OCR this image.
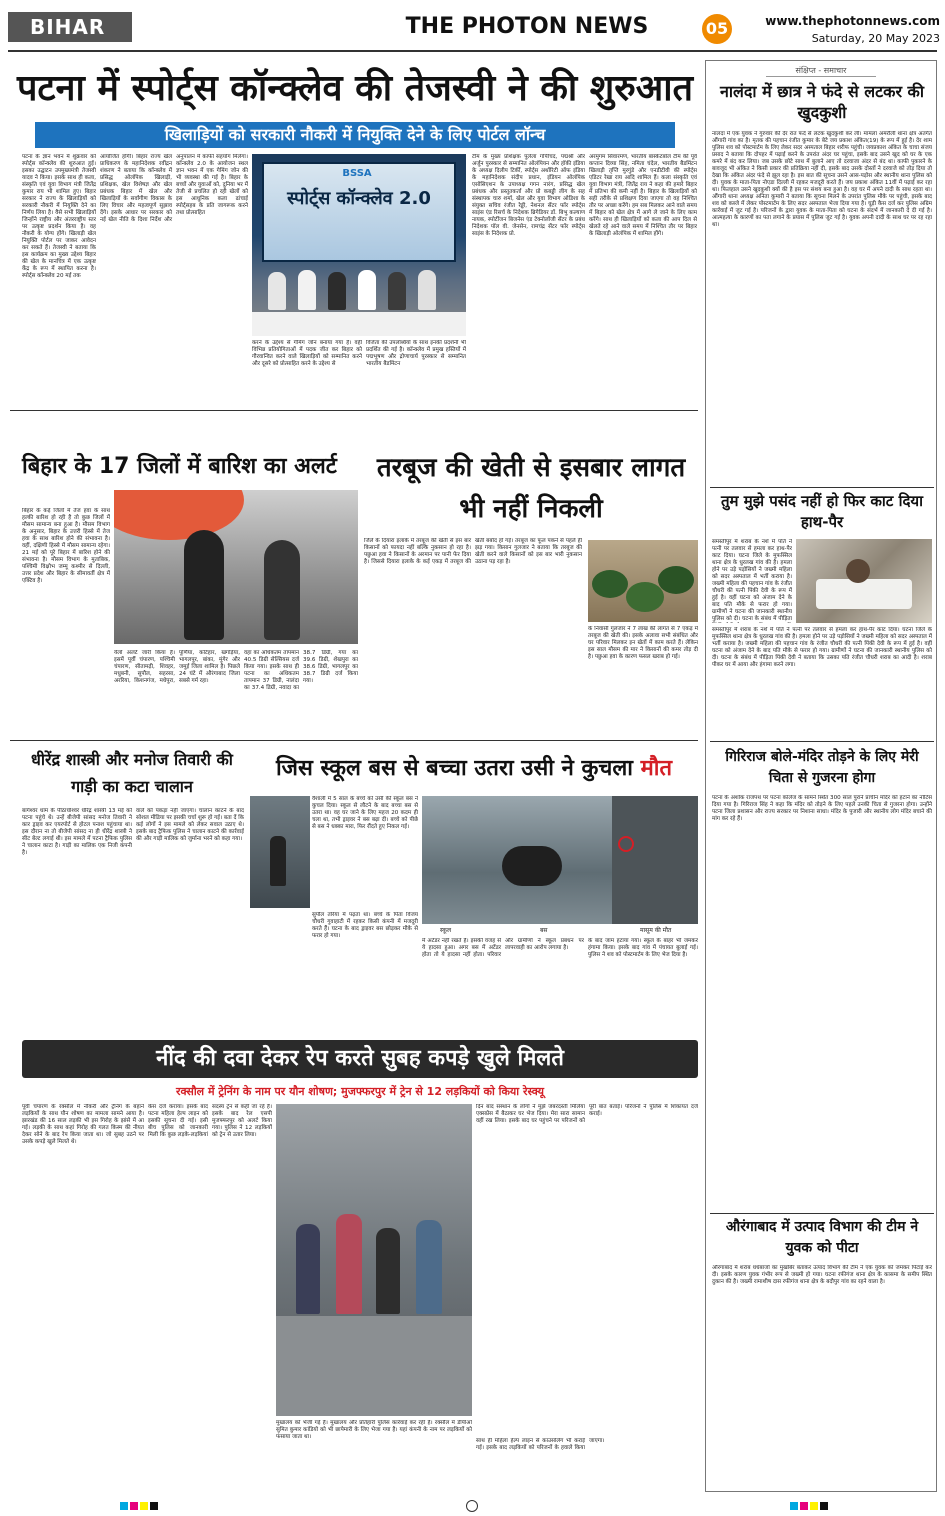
BIHAR	THE PHOTON NEWS	05	www.thephotonnews.com
Saturday, 20 May 2023
पटना में स्पोर्ट्स कॉन्क्लेव की तेजस्वी ने की शुरुआत
खिलाड़ियों को सरकारी नौकरी में नियुक्ति देने के लिए पोर्टल लॉन्च
पटना के ज्ञान भवन में शुक्रवार को स्पोर्ट्स कॉन्क्लेव की शुरुआत हुई। इसका उद्घाटन उपमुख्यमंत्री तेजस्वी यादव ने किया। इसके साथ ही कला, संस्कृति एवं युवा विभाग मंत्री जितेंद्र कुमार राय भी शामिल हुए। बिहार सरकार ने राज्य के खिलाड़ियों को सरकारी नौकरी में नियुक्ति देने का निर्णय लिया है। वैसे सभी खिलाड़ियों जिन्होंने राष्ट्रीय और अंतरराष्ट्रीय स्तर पर उत्कृष्ट प्रदर्शन किया है। वह नौकरी के योग्य होंगे। खिलाड़ी खेल नियुक्ति पोर्टल पर जाकर आवेदन कर सकते हैं। तेजस्वी ने बताया कि इस कार्यक्रम का मुख्य उद्देश्य बिहार की खेल के मानचित्र में एक उत्कृष्ट केंद्र के रूप में स्थापित करना है। स्पोर्ट्स कॉन्क्लेव 20 मई तक
आयोजित होगी। बिहार राज्य खेल प्राधिकरण के महानिदेशक रवींद्रन शंकरण ने बताया कि कॉन्क्लेव में प्रसिद्ध ओलंपिक खिलाड़ी, प्रशिक्षक, खेल विशेषज्ञ और खेल प्रबंधक बिहार में खेल और खिलाड़ियों के सर्वांगीण विकास के लिए विचार और महत्वपूर्ण सुझाव देंगे। इसके आधार पर सरकार को नई खेल नीति के दिशा निर्देश और अनुपालन में काफी सहयोग मिलेगा। कॉन्क्लेव 2.0 के आयोजन स्थल ज्ञान भवन में एक गेमिंग जोन की भी व्यवस्था की गई है। बिहार के बच्चों और युवाओं को, दुनिया भर में तेजी से प्रचलित हो रही खेलों को इस आधुनिक कला ढांचाई स्पोर्ट्सहब के प्रति जागरूक करने तथा प्रोत्साहित
करने के उद्देश्य से गेमिंग जोन बनाया गया है। वहीं विभिन्न प्रतियोगिताओं में पदक जीत कर बिहार को गौरवान्वित करने वाले खिलाड़ियों को सम्मानित करने और दूसरे को प्रोत्साहित करने के उद्देश्य से
विजेता की उपलब्धियों के साथ इनकी प्रदर्शनी भी प्रदर्शित की गई है। कॉन्क्लेव में प्रमुख हस्तियों में पद्मभूषण और द्रोणाचार्य पुरस्कार से सम्मानित भारतीय बैडमिंटन
टीम के मुख्य प्रशिक्षक पुलेला गोपीचंद, पद्मश्री और अर्जुन पुरस्कार से सम्मानित ओलंपियन और हॉकी इंडिया के अध्यक्ष दिलीप टिर्की, स्पोर्ट्स अथॉरिटी ऑफ इंडिया के महानिदेशक संदीप प्रधान, इंडियन ओलंपिक एसोसिएशन के उपाध्यक्ष गगन नारंग, प्रसिद्ध खेल प्रबंधक और प्रस्तुतकर्ता और प्रो कबड्डी लीग के सह संस्थापक चारु शर्मा, खेल और युवा विभाग ओडिशा के संयुक्त सचिव रंजीत रेड्डी, नेशनल सेंटर फॉर स्पोर्ट्स साइंस एंड रिसर्च के निदेशक ब्रिगेडियर डॉ. बिभु कल्याण नायक, स्पोर्टीजन बिजनेस एंड टेक्नोलॉजी सेंटर के प्रबंध निदेशक पॉल वी. जेनसेन, रामचंद्र सेंटर फॉर स्पोर्ट्स साइंस के निदेशक प्रो.
अरमुगम सिवारमण, भारतीय बास्केटबॉल टीम की पूर्व कप्तान दिव्या सिंह, नमिता चंदेल, भारतीय बैडमिंटन खिलाड़ी तृप्ति मुरगुंडे और एनडीटीवी की स्पोर्ट्स एडिटर रेखा राय आदि शामिल हैं। कला संस्कृति एवं युवा विभाग मंत्री, जितेंद्र राय ने कहा की हमारे बिहार में प्रतिभा की कमी नहीं है। बिहार के खिलाड़ियों को सही तरीके से प्रशिक्षण दिया जाएगा तो वह निश्चित तौर पर अच्छा करेंगे। हम सब मिलकर आने वाले समय में बिहार को खेल क्षेत्र में आगे ले जाने के लिए काम करेंगे। साथ ही खिलाड़ियों को कला की आप दिल से खेलते रहे आने वाले समय में निश्चित तौर पर बिहार के खिलाड़ी ओलंपिक में शामिल होंगे।
BSSA
स्पोर्ट्स कॉन्क्लेव 2.0
संक्षिप्त - समाचार
नालंदा में छात्र ने फंदे से लटकर की खुदकुशी
नालंदा में एक युवक ने गुरुवार की देर रात फंदे से लटक खुदकुशी कर ली। मामला अमरौली थाना क्षेत्र अंतर्गत औंगारी गांव का है। मृतक की पहचान रंजीत कुमार के बेटे जय प्रकाश अंकित(19) के रूप में हुई है। देर शाम पुलिस शव को पोस्टमार्टम के लिए लेकर सदर अस्पताल बिहार शरीफ पहुंची। जयप्रकाश अंकित के चाचा संजय प्रसाद ने बताया कि दोपहर में पढ़ाई करने के उपरांत अंदर घर पहुंचा, इसके बाद उसने खुद को घर के एक कमरे में बंद कर लिया। जब उसके छोटे साथ में बुलाने आए तो दरवाजा अंदर से बंद था। काफी पुकारने के बावजूद भी अंकित ने किसी प्रकार की प्रतिक्रिया नहीं दी, इसके बाद उसके दोस्तों ने दरवाजे को तोड़ दिया तो देखा कि अंकित अंदर फंदे से झूल रहा है। इस बात की सूचना उसने आस-पड़ोस और स्थानीय थाना पुलिस को दी। युवक के माता-पिता नोएडा दिल्ली में रहकर मजदूरी करते हैं। जय प्रकाश अंकित 11वीं में पढ़ाई कर रहा था। फिलहाल उसने खुदकुशी क्यों की है इस पर संशय बना हुआ है। वह घर में अपने दादी के साथ रहता था। औंगारी थाना अध्यक्ष अनिता कुमारी ने बताया कि सूचना मिलने के उपरांत पुलिस मौके पर पहुंची, इसके बाद शव को कब्जे में लेकर पोस्टमार्टम के लिए सदर अस्पताल भेजा दिया गया है। घूड़ी कैस दर्ज कर पुलिस अग्रिम कार्रवाई में जुट गई है। परिजनों के द्वारा युवक के माता-पिता को घटना के संदर्भ में जानकारी दे दी गई है। आत्महत्या के कारणों का पता लगाने के प्रयास में पुलिस जुट गई है। युवक अपनी दादी के साथ घर पर रह रहा था।
तुम मुझे पसंद नहीं हो फिर काट दिया हाथ-पैर
समस्तीपुर में शराब के नशे में पति ने पत्नी पर तलवार से हमला कर हाथ-पैर काट दिया। घटना जिले के मुफस्सिल थाना क्षेत्र के धुरलख गांव की है। हमला होने पर उड़े पड़ोसियों ने जख्मी महिला को सदर अस्पताल में भर्ती कराया है। जख्मी महिला की पहचान गांव के रंजीत चौधरी की पत्नी पिंकी देवी के रूप में हुई है। वहीं घटना को अंजाम देने के बाद पति मौके से फरार हो गया। ग्रामीणों ने घटना की जानकारी स्थानीय पुलिस को दी। घटना के संबंध में पीड़िता
समस्तीपुर में शराब के नशे में पति ने पत्नी पर तलवार से हमला कर हाथ-पैर काट दिया। घटना जिले के मुफस्सिल थाना क्षेत्र के धुरलख गांव की है। हमला होने पर उड़े पड़ोसियों ने जख्मी महिला को सदर अस्पताल में भर्ती कराया है। जख्मी महिला की पहचान गांव के रंजीत चौधरी की पत्नी पिंकी देवी के रूप में हुई है। वहीं घटना को अंजाम देने के बाद पति मौके से फरार हो गया। ग्रामीणों ने घटना की जानकारी स्थानीय पुलिस को दी। घटना के संबंध में पीड़िता पिंकी देवी ने बताया कि उसका पति रंजीत चौधरी शराब का आदी है। शराब पीकर घर में आया और हंगामा करने लगा।
गिरिराज बोले-मंदिर तोड़ने के लिए मेरी चिता से गुजरना होगा
पटना के अशोक राजपथ पर पटना कॉलेज के सामने स्थित 300 साल पुराने प्राचीन मंदिर को हटाने का नोटिस दिया गया है। गिरिराज सिंह ने कहा कि मंदिर को तोड़ने के लिए पहले उनकी चिता से गुजरना होगा। उन्होंने पटना जिला प्रशासन और राज्य सरकार पर निशाना साधा। मंदिर के पुजारी और स्थानीय लोग मंदिर बचाने की मांग कर रहे हैं।
औरंगाबाद में उत्पाद विभाग की टीम ने युवक को पीटा
औरंगाबाद में शराब धंधेबाजों का मुखबिर बताकर उत्पाद विभाग की टीम ने एक युवक को जमकर पिटाई कर दी। इसके कारण युवक गंभीर रूप से जख्मी हो गया। घटना रफीगंज थाना क्षेत्र के कासमा के समीप स्थित दुकान की है। जख्मी रामाशीष दास रफीगंज थाना क्षेत्र के बदौपुर गांव का रहने वाला है।
बिहार के 17 जिलों में बारिश का अलर्ट
बिहार के कई जिलों में तेज हवा के साथ हल्की बारिश हो रही है तो कुछ जिलों में मौसम सामान्य बना हुआ है। मौसम विभाग के अनुसार, बिहार के उत्तरी हिस्से में तेज हवा के साथ बारिश होने की संभावना है। वहीं, दक्षिणी हिस्से में मौसम सामान्य रहेगा। 21 मई को पूरे बिहार में बारिश होने की संभावना है। मौसम विभाग के मुताबिक, पश्चिमी विक्षोभ जम्मू कश्मीर से दिल्ली, उत्तर प्रदेश और बिहार के सीमावर्ती क्षेत्र में एक्टिव है।
येलो अलर्ट जारी किया है। इसमें पूर्वी चंपारण, पश्चिमी चंपारण, सीतामढ़ी, शिवहर, मधुबनी, सुपौल, सहरसा, अररिया, किशनगंज, मधेपुरा, पूर्णिया, कटिहार, खगड़िया, भागलपुर, बांका, मुंगेर और जमुई जिला शामिल है। पिछले 24 घंटे में औरंगाबाद जिला सबसे गर्म रहा।
वहां का अधिकतम तापमान 40.5 डिग्री सेल्सियस दर्ज किया गया। इसके साथ ही पटना का अधिकतम तापमान 37 डिग्री, नालंदा का 37.4 डिग्री, नवादा का 38.7 डिग्री, गया का 39.6 डिग्री, शेखपुरा का 38.6 डिग्री, भागलपुर का 38.7 डिग्री दर्ज किया गया।
तरबूज की खेती से इसबार लागत भी नहीं निकली
जिले के दियारा इलाके में तरबूज की खेती से इस बार किसानों को फायदा नहीं बल्कि नुकसान हो रहा है। पछुआ हवा ने किसानों के अरमान पर पानी फेर दिया है। जिससे दियारा इलाके के कई एकड़ में तरबूज की खेती बर्बाद हो गई। तरबूज का फूल पकने से पहले ही झड़ गया। किसान गुलजार ने बताया कि तरबूज की खेती करने वाले किसानों को इस बार भारी नुकसान उठाना पड़ रहा है।
के निवासी गुलजार ने 7 लाख की लागत से 7 एकड़ में तरबूज की खेती की। इसके अलावा सभी संबंधित और घर परिवार मिलकर इन खेतों में काम करते हैं। लेकिन इस साल मौसम की मार ने किसानों की कमर तोड़ दी है। पछुआ हवा के कारण फसल खराब हो गई।
धीरेंद्र शास्त्री और मनोज तिवारी की गाड़ी का कटा चालान
बागेश्वर धाम के पीठाधीश्वर धीरेंद्र शास्त्री 13 मई को पटना पहुंचे थे। उन्हें बीजेपी सांसद मनोज तिवारी ने कार ड्राइव कर एयरपोर्ट से होटल पनाश पहुंचाया था। इस दौरान ना तो बीजेपी सांसद ना ही धीरेंद्र शास्त्री ने सीट बेल्ट लगाई थी। इस मामले में पटना ट्रैफिक पुलिस ने चालान काटा है। गाड़ी का मालिक एक निजी कंपनी है।
वाले को पकड़ा नहीं जाएगा। चालान काटने के बाद सोशल मीडिया पर इसकी चर्चा शुरू हो गई। बता दें कि कई लोगों ने इस मामले को लेकर सवाल उठाए थे। इसके बाद ट्रैफिक पुलिस ने चालान काटने की कार्रवाई की और गाड़ी मालिक को जुर्माना भरने को कहा गया।
जिस स्कूल बस से बच्चा उतरा उसी ने कुचला मौत
वैशाली में 5 साल के बच्चे को उसी की स्कूल बस ने कुचल दिया। स्कूल से लौटने के बाद बच्चा बस से उतरा था। वह घर जाने के लिए महज 20 कदम ही चला था, तभी ड्राइवर ने बस बढ़ा दी। बच्चे को पीछे से बस ने धक्का मारा, फिर रौंदते हुए निकल गई।
स्कूल	बस	मासूम की मौत
सुपौल तरिया में पढ़ता था। बच्चे के पिता विजय चौधरी गुवाहाटी में रहकर किसी कंपनी में मजदूरी करते हैं। घटना के बाद ड्राइवर बस छोड़कर मौके से फरार हो गया।
में अटेंडर नहीं रखते हैं। इसकी वजह से ये हादसा हुआ। अगर बस में अटेंडर होता तो ये हादसा नहीं होता। परिवार और ग्रामीणों ने स्कूल प्रबंधन पर लापरवाही का आरोप लगाया है।
के बाद जाम हटाया गया। स्कूल के बाहर भी जमकर हंगामा किया। इसके बाद गांव में पंचायत बुलाई गई। पुलिस ने शव को पोस्टमार्टम के लिए भेज दिया है।
नींद की दवा देकर रेप करते सुबह कपड़े खुले मिलते
रक्सौल में ट्रेनिंग के नाम पर यौन शोषण; मुजफ्फरपुर में ट्रेन से 12 लड़कियों को किया रेस्क्यू
पूर्वी चंपारण के रक्सौल में नौकरी और ट्रेनिंग के बहाने लड़कियों के साथ यौन शोषण का मामला सामने आया है। झारखंड की 16 साल लड़की भी इस गिरोह के झांसे में आ गई। लड़की के साथ कहां गिरोह की गलत किस्म की नीयत देकर सोने के बाद रेप किया जाता था। जो सुबह उठने पर उसके कपड़े खुले मिलते थे।
केस दर्ज कराया। इसके बाद पटना महिला हेल्प लाइन को इसकी सूचना दी गई। इसी बीच पुलिस को जानकारी मिली कि कुछ लड़के-लड़कियां सदस्य ट्रेन से कहीं जा रहे हैं। इसके बाद रेल एसपी मुजफ्फरपुर को अलर्ट किया गया। पुलिस ने 12 लड़कियों को ट्रेन से उतार लिया।
मुखालय को भेजी गई है। मुखालय और प्रतिहारी पुलिस कार्रवाई कर रही है। रक्सौल में डीपीओ सुमित कुमार कांडियो को भी छापेमारी के लिए भेजा गया है। यहां कंपनी के नाम पर लड़कियों को फंसाया जाता था।
दिन बाद संस्थान के लोगों ने मुझे जबरदस्ती मिलिया एक्सप्रेस में बैठाकर घर भेज दिया। मेरा सारा सामान वहीं रख लिया। इसके बाद घर पहुंचने पर परिजनों को पूरी बात बताई। परिजनों ने पुलिस में शिकायत दर्ज कराई।
साथ ही महिला हेल्प लाइन से काउंसलिंग भी कराई गई। इसके बाद लड़कियों को परिजनों के हवाले किया जाएगा।
